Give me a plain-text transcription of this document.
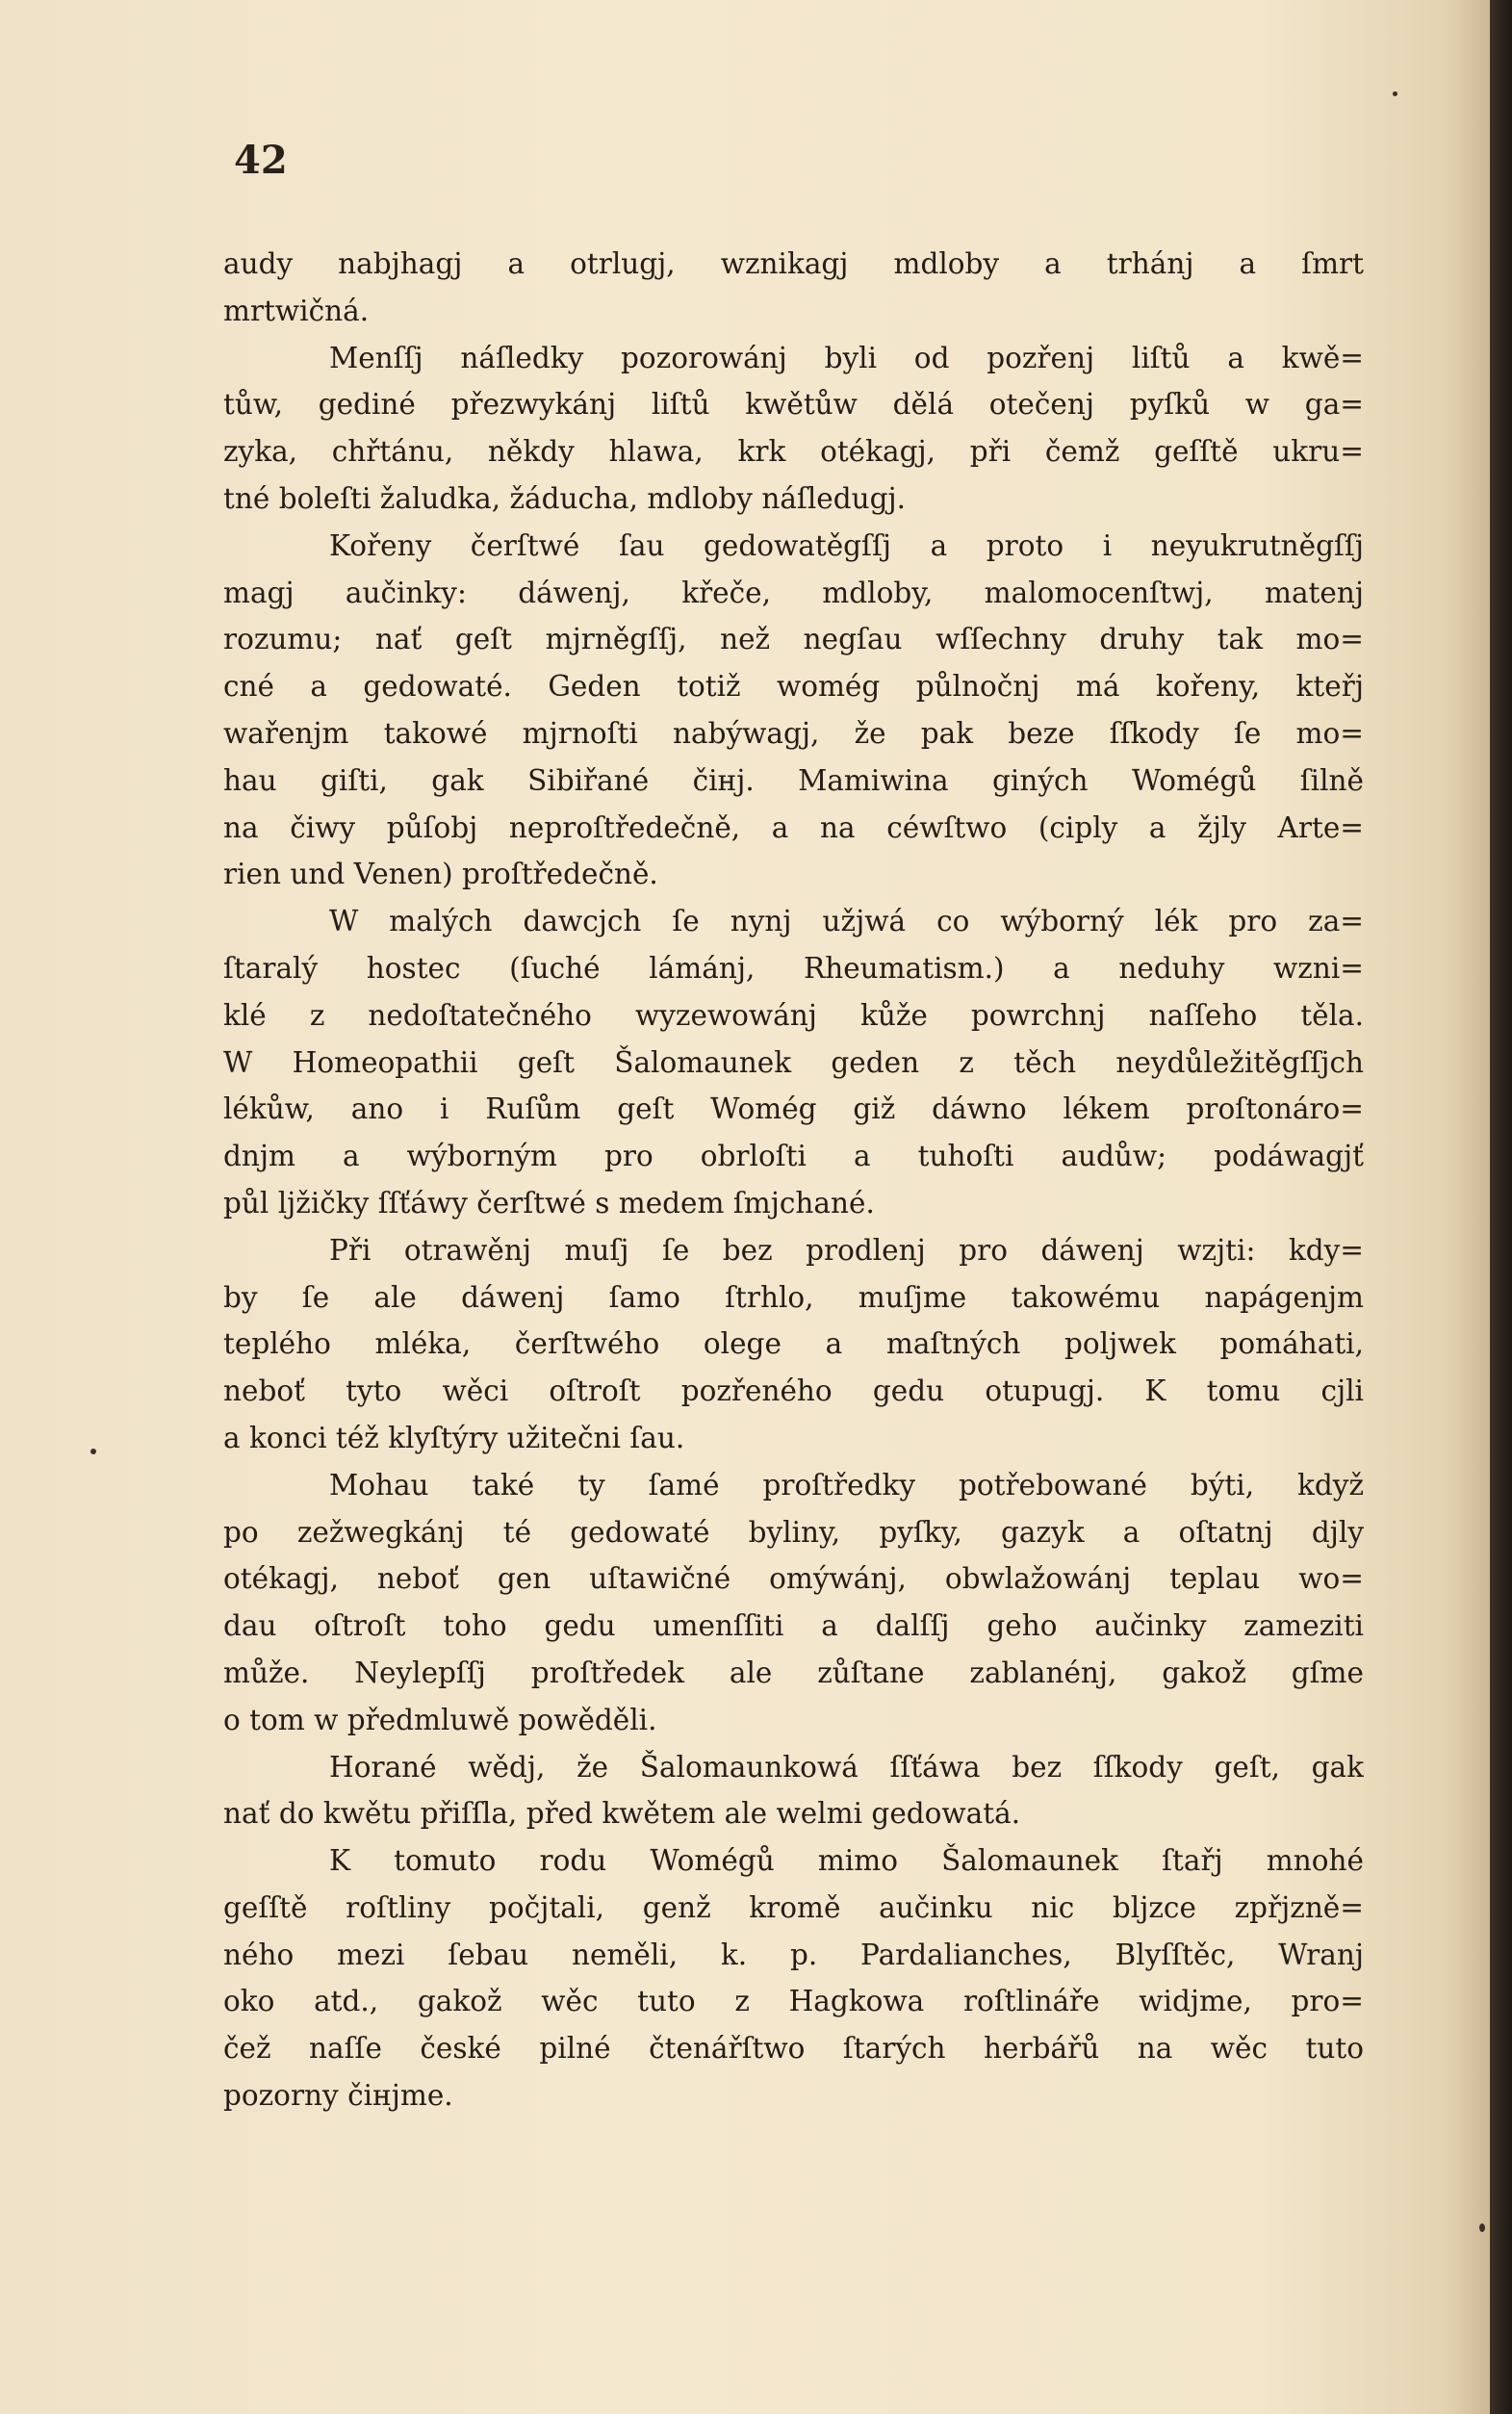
42
audy nabjhagj a otrlugj, wznikagj mdloby a trhánj a ſmrt
mrtwičná.
Menſſj náſledky pozorowánj byli od pozřenj liſtů a kwě=
tůw, gediné přezwykánj liſtů kwětůw dělá otečenj pyſků w ga=
zyka, chřtánu, někdy hlawa, krk otékagj, při čemž geſſtě ukru=
tné boleſti žaludka, žáducha, mdloby náſledugj.
Kořeny čerſtwé ſau gedowatěgſſj a proto i neyukrutněgſſj
magj aučinky: dáwenj, křeče, mdloby, malomocenſtwj, matenj
rozumu; nať geſt mjrněgſſj, než negſau wſſechny druhy tak mo=
cné a gedowaté. Geden totiž womég půlnočnj má kořeny, kteřj
wařenjm takowé mjrnoſti nabýwagj, že pak beze ſſkody ſe mo=
hau giſti, gak Sibiřané čінj. Mamiwina giných Womégů ſilně
na čiwy půſobj neproſtředečně, a na céwſtwo (ciply a žjly Arte=
rien und Venen) proſtředečně.
W malých dawcjch ſe nynj užjwá co wýborný lék pro za=
ſtaralý hostec (ſuché lámánj, Rheumatism.) a neduhy wzni=
klé z nedoſtatečného wyzewowánj kůže powrchnj naſſeho těla.
W Homeopathii geſt Šalomaunek geden z těch neydůležitěgſſjch
lékůw, ano i Ruſům geſt Womég giž dáwno lékem proſtonáro=
dnjm a wýborným pro obrloſti a tuhoſti audůw; podáwagjť
půl ljžičky ſſťáwy čerſtwé s medem ſmjchané.
Při otrawěnj muſj ſe bez prodlenj pro dáwenj wzjti: kdy=
by ſe ale dáwenj ſamo ſtrhlo, muſjme takowému napágenjm
teplého mléka, čerſtwého olege a maſtných poljwek pomáhati,
neboť tyto wěci oſtroſt pozřeného gedu otupugj. K tomu cjli
a konci též klyſtýry užitečni ſau.
Mohau také ty ſamé proſtředky potřebowané býti, když
po zežwegkánj té gedowaté byliny, pyſky, gazyk a oſtatnj djly
otékagj, neboť gen uſtawičné omýwánj, obwlažowánj teplau wo=
dau oſtroſt toho gedu umenſſiti a dalſſj geho aučinky zameziti
může. Neylepſſj proſtředek ale zůſtane zablanénj, gakož gſme
o tom w předmluwě powěděli.
Horané wědj, že Šalomaunkowá ſſťáwa bez ſſkody geſt, gak
nať do kwětu přiſſla, před kwětem ale welmi gedowatá.
K tomuto rodu Womégů mimo Šalomaunek ſtařj mnohé
geſſtě roſtliny počjtali, genž kromě aučinku nic bljzce zpřjzně=
ného mezi ſebau neměli, k. p. Pardalianches, Blyſſtěc, Wranj
oko atd., gakož wěc tuto z Hagkowa roſtlináře widjme, pro=
čež naſſe české pilné čtenářſtwo ſtarých herbářů na wěc tuto
pozorny čінjme.
